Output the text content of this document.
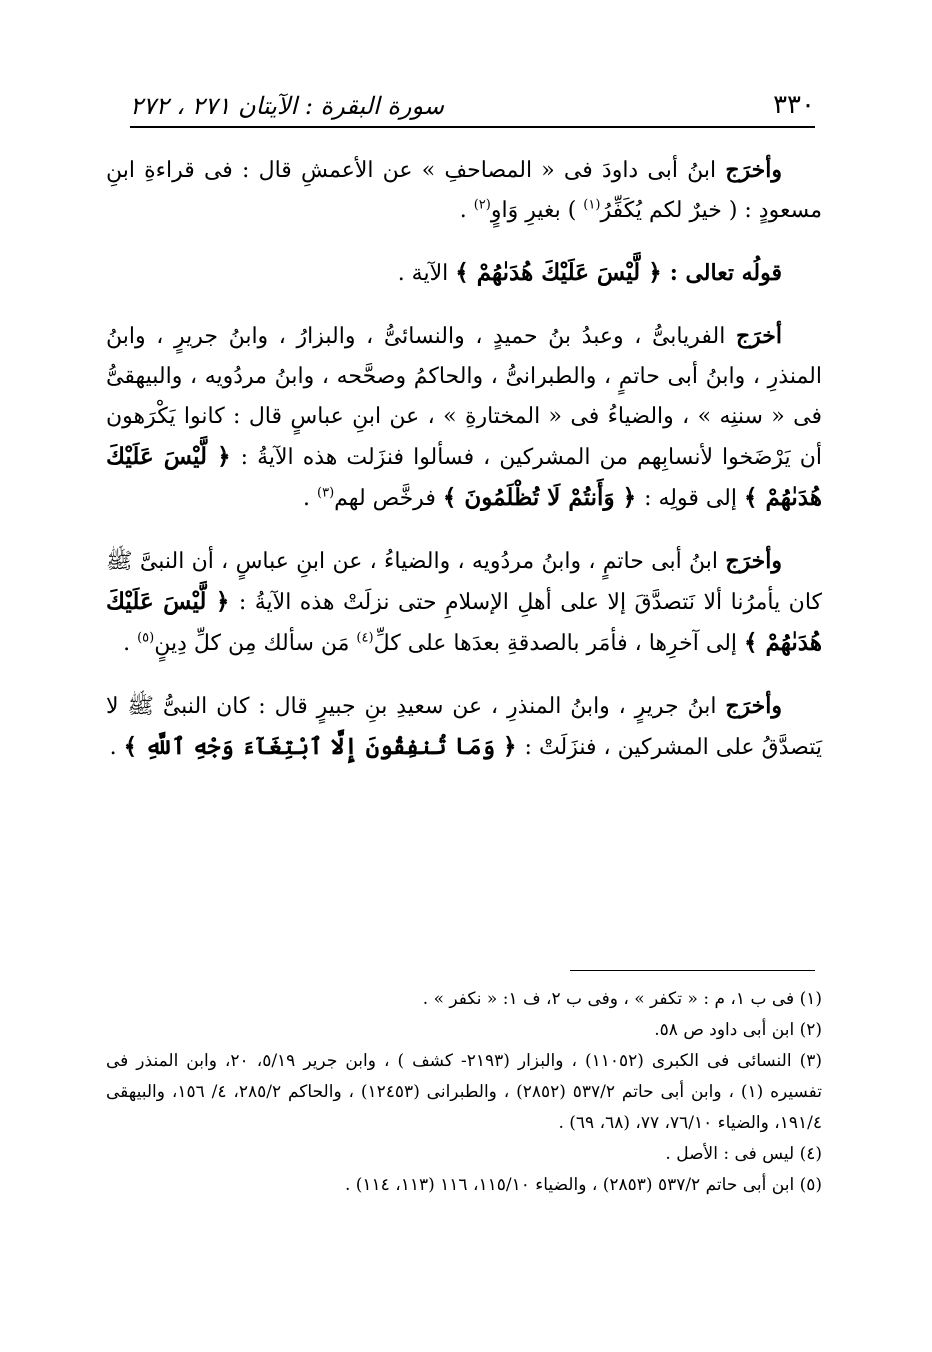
٣٣٠
سورة البقرة : الآيتان ٢٧١ ، ٢٧٢

وأخرَج ابنُ أبى داودَ فى « المصاحفِ » عن الأعمشِ قال : فى قراءةِ ابنِ مسعودٍ : ( خيرٌ لكم يُكَفِّرُ$^{(١)}$ ) بغيرِ وَاوٍ$^{(٢)}$ .

قولُه تعالى : ﴿ لَّيْسَ عَلَيْكَ هُدَىٰهُمْ ﴾ الآية .

أخرَج الفريابىُّ ، وعبدُ بنُ حميدٍ ، والنسائىُّ ، والبزارُ ، وابنُ جريرٍ ، وابنُ المنذرِ ، وابنُ أبى حاتمٍ ، والطبرانىُّ ، والحاكمُ وصحَّحه ، وابنُ مردُويه ، والبيهقىُّ فى « سننِه » ، والضياءُ فى « المختارةِ » ، عن ابنِ عباسٍ قال : كانوا يَكْرَهون أن يَرْضَخوا لأنسابِهم من المشركين ، فسألوا فنزَلت هذه الآيةُ : ﴿ لَّيْسَ عَلَيْكَ هُدَىٰهُمْ ﴾ إلى قولِه : ﴿ وَأَنتُمْ لَا تُظْلَمُونَ ﴾ فرخَّص لهم$^{(٣)}$ .

وأخرَج ابنُ أبى حاتمٍ ، وابنُ مردُويه ، والضياءُ ، عن ابنِ عباسٍ ، أن النبىَّ ﷺ كان يأمرُنا ألا نَتصدَّقَ إلا على أهلِ الإسلامِ حتى نزلَتْ هذه الآيةُ : ﴿ لَّيْسَ عَلَيْكَ هُدَىٰهُمْ ﴾ إلى آخرِها ، فأمَر بالصدقةِ بعدَها على كلِّ$^{(٤)}$ مَن سألك مِن كلِّ دِينٍ$^{(٥)}$ .

وأخرَج ابنُ جريرٍ ، وابنُ المنذرِ ، عن سعيدِ بنِ جبيرٍ قال : كان النبىُّ ﷺ لا يَتصدَّقُ على المشركين ، فنزَلَتْ : ﴿ وَمَا تُنفِقُونَ إِلَّا ٱبْتِغَآءَ وَجْهِ ٱللَّهِ ﴾ .

(١) فى ب ١، م : « تكفر » ، وفى ب ٢، ف ١: « نكفر » .
(٢) ابن أبى داود ص ٥٨.
(٣) النسائى فى الكبرى (١١٠٥٢) ، والبزار (٢١٩٣- كشف ) ، وابن جرير ٥/١٩، ٢٠، وابن المنذر فى تفسيره (١) ، وابن أبى حاتم ٥٣٧/٢ (٢٨٥٢) ، والطبرانى (١٢٤٥٣) ، والحاكم ٢٨٥/٢، ٤/ ١٥٦، والبيهقى ١٩١/٤، والضياء ٧٦/١٠، ٧٧، (٦٨، ٦٩) .
(٤) ليس فى : الأصل .
(٥) ابن أبى حاتم ٥٣٧/٢ (٢٨٥٣) ، والضياء ١١٥/١٠، ١١٦ (١١٣، ١١٤) .
